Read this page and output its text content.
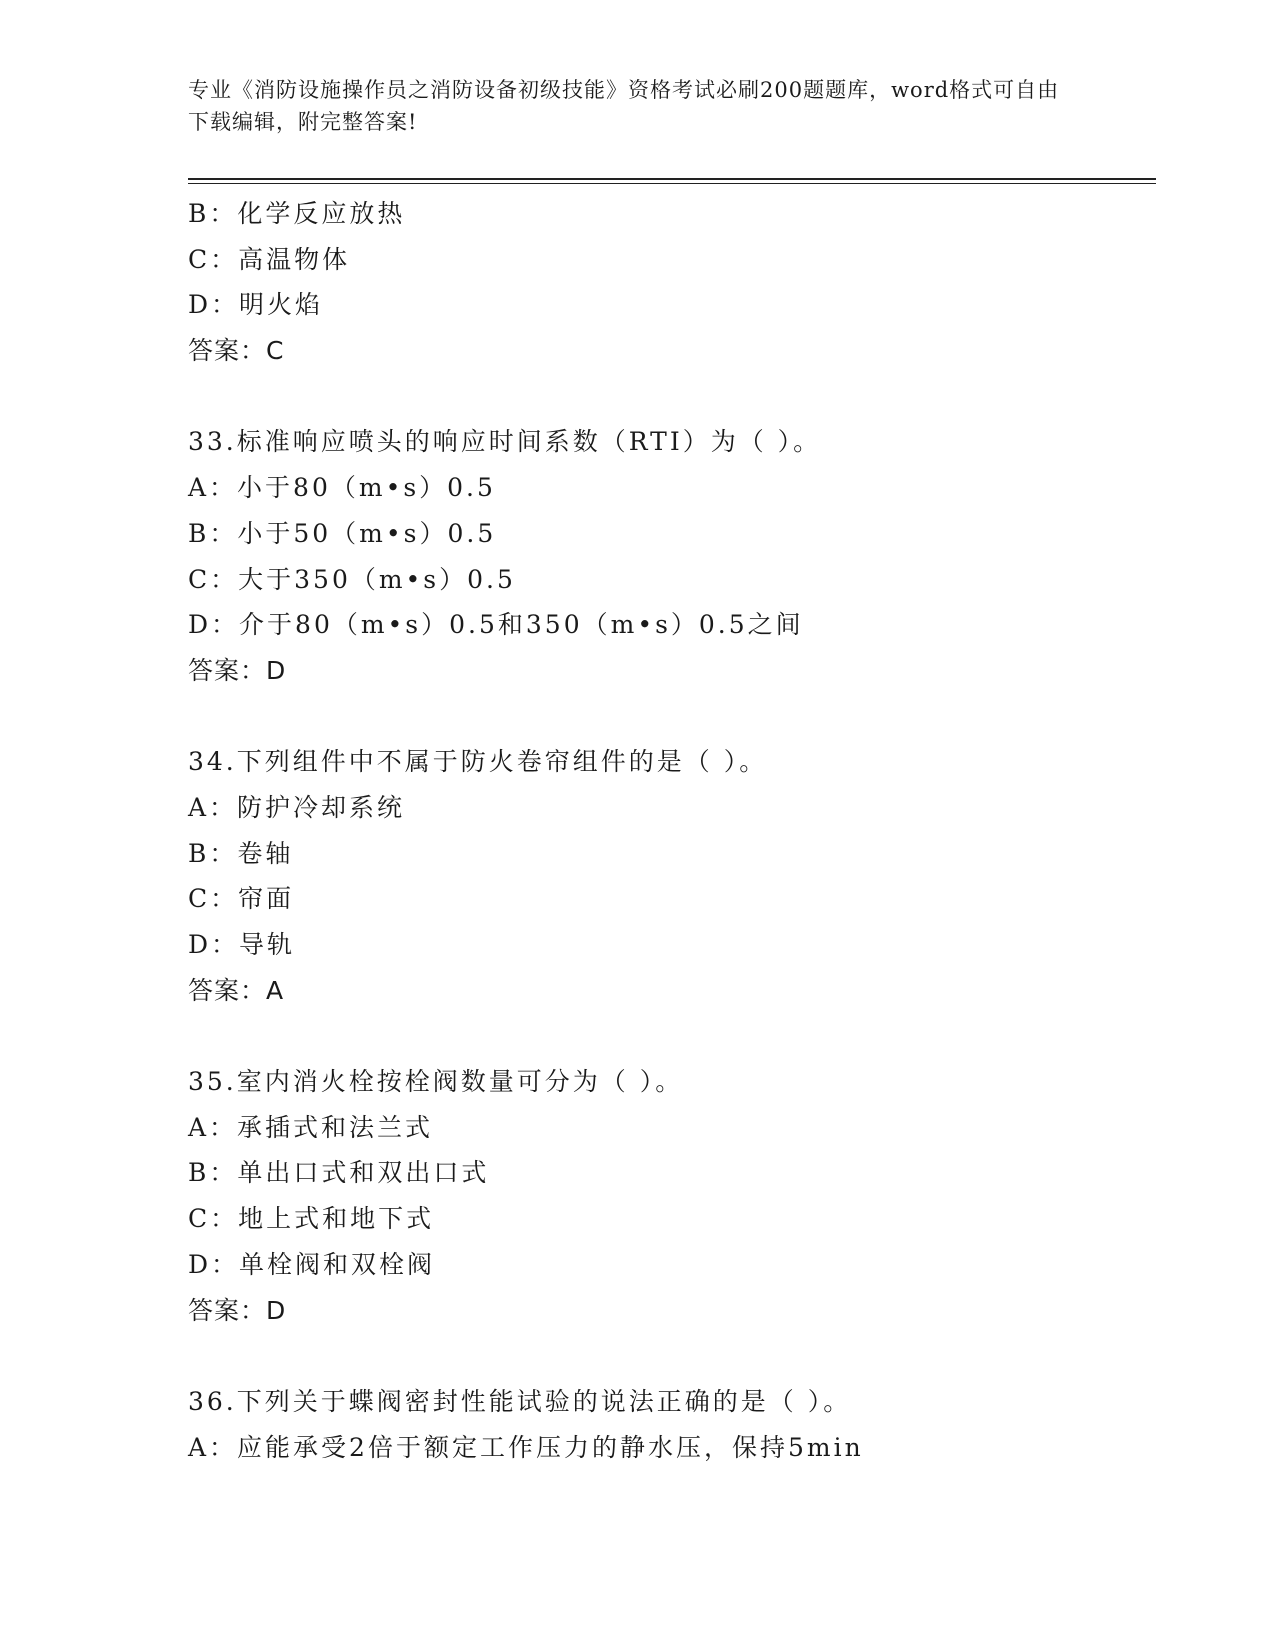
专业《消防设施操作员之消防设备初级技能》资格考试必刷200题题库，word格式可自由下载编辑，附完整答案!
B：化学反应放热
C：高温物体
D：明火焰
答案：C
33.标准响应喷头的响应时间系数（RTI）为（ ）。
A：小于80（m•s）0.5
B：小于50（m•s）0.5
C：大于350（m•s）0.5
D：介于80（m•s）0.5和350（m•s）0.5之间
答案：D
34.下列组件中不属于防火卷帘组件的是（ ）。
A：防护冷却系统
B：卷轴
C：帘面
D：导轨
答案：A
35.室内消火栓按栓阀数量可分为（ ）。
A：承插式和法兰式
B：单出口式和双出口式
C：地上式和地下式
D：单栓阀和双栓阀
答案：D
36.下列关于蝶阀密封性能试验的说法正确的是（ ）。
A：应能承受2倍于额定工作压力的静水压，保持5min
